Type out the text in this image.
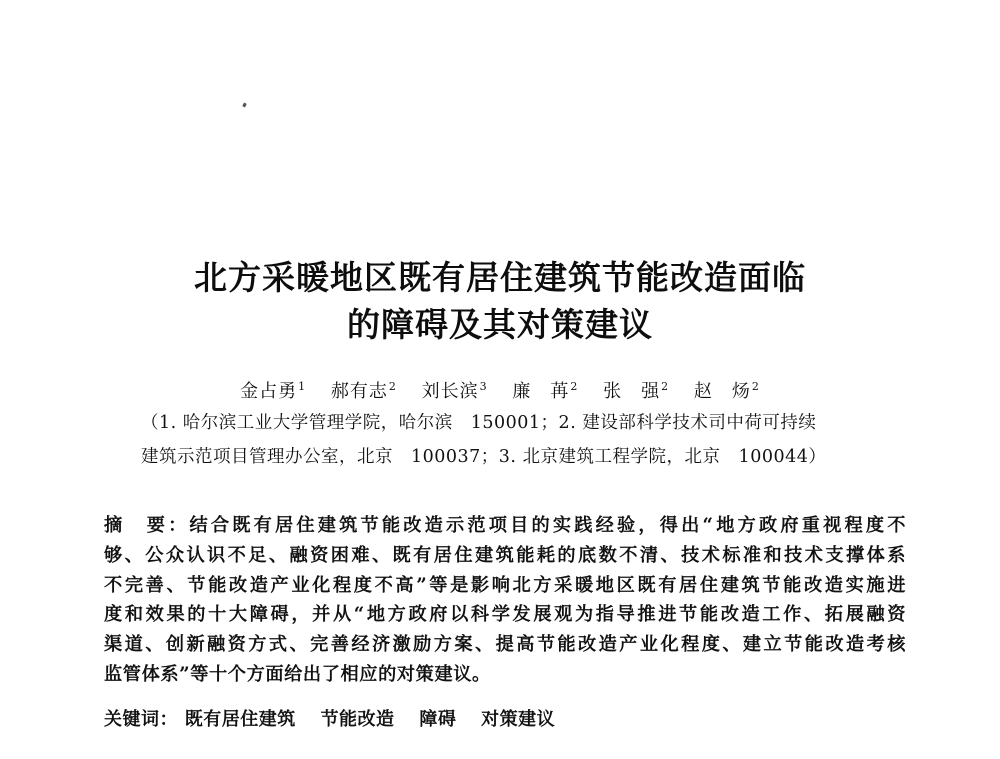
北方采暖地区既有居住建筑节能改造面临
的障碍及其对策建议
金占勇$^1$ 郝有志$^2$ 刘长滨$^3$ 廉　苒$^2$ 张　强$^2$ 赵　炀$^2$
（1. 哈尔滨工业大学管理学院，哈尔滨　150001；2. 建设部科学技术司中荷可持续
建筑示范项目管理办公室，北京　100037；3. 北京建筑工程学院，北京　100044）
摘　要：结合既有居住建筑节能改造示范项目的实践经验，得出“地方政府重视程度不
够、公众认识不足、融资困难、既有居住建筑能耗的底数不清、技术标准和技术支撑体系
不完善、节能改造产业化程度不高”等是影响北方采暖地区既有居住建筑节能改造实施进
度和效果的十大障碍，并从“地方政府以科学发展观为指导推进节能改造工作、拓展融资
渠道、创新融资方式、完善经济激励方案、提高节能改造产业化程度、建立节能改造考核
监管体系”等十个方面给出了相应的对策建议。
关键词： 既有居住建筑 节能改造 障碍 对策建议
